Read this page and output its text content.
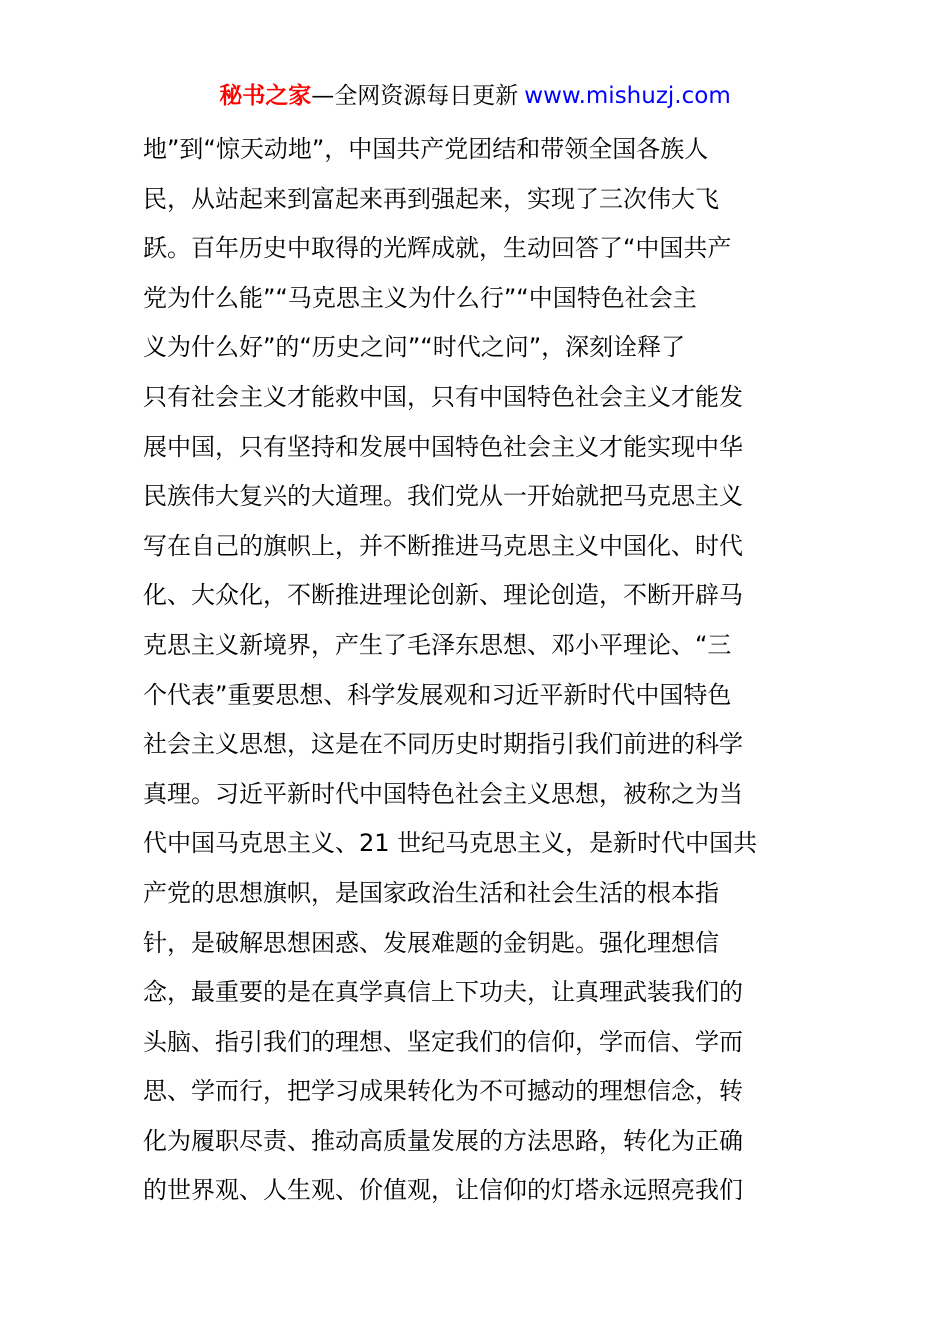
秘书之家—全网资源每日更新 www.mishuzj.com
地”到“惊天动地”，中国共产党团结和带领全国各族人
民，从站起来到富起来再到强起来，实现了三次伟大飞
跃。百年历史中取得的光辉成就，生动回答了“中国共产
党为什么能”“马克思主义为什么行”“中国特色社会主
义为什么好”的“历史之问”“时代之问”，深刻诠释了
只有社会主义才能救中国，只有中国特色社会主义才能发
展中国，只有坚持和发展中国特色社会主义才能实现中华
民族伟大复兴的大道理。我们党从一开始就把马克思主义
写在自己的旗帜上，并不断推进马克思主义中国化、时代
化、大众化，不断推进理论创新、理论创造，不断开辟马
克思主义新境界，产生了毛泽东思想、邓小平理论、“三
个代表”重要思想、科学发展观和习近平新时代中国特色
社会主义思想，这是在不同历史时期指引我们前进的科学
真理。习近平新时代中国特色社会主义思想，被称之为当
代中国马克思主义、21 世纪马克思主义，是新时代中国共
产党的思想旗帜，是国家政治生活和社会生活的根本指
针，是破解思想困惑、发展难题的金钥匙。强化理想信
念，最重要的是在真学真信上下功夫，让真理武装我们的
头脑、指引我们的理想、坚定我们的信仰，学而信、学而
思、学而行，把学习成果转化为不可撼动的理想信念，转
化为履职尽责、推动高质量发展的方法思路，转化为正确
的世界观、人生观、价值观，让信仰的灯塔永远照亮我们
